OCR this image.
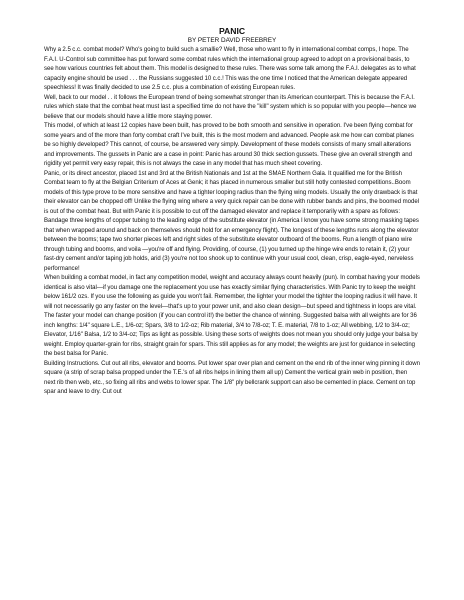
PANIC
BY PETER DAVID FREEBREY

Why a 2.5 c.c. combat model? Who's going to build such a smallie? Well, those who want to fly in international combat comps, I hope. The F.A.I. U-Control sub committee has put forward some combat rules which the international group agreed to adopt on a provisional basis, to see how various countries felt about them. This model is designed to these rules. There was some talk among the F.A.I. delegates as to what capacity engine should be used . . . the Russians suggested 10 c.c.! This was the one time I noticed that the American delegate appeared speechless! It was finally decided to use 2.5 c.c. plus a combination of existing European rules.

Well, back to our model . . it follows the European trend of being somewhat stronger than its American counterpart. This is because the F.A.I. rules which state that the combat heat must last a specified time do not have the "kill" system which is so popular with you people—hence we believe that our models should have a little more staying power.

This model, of which at least 12 copies have been built, has proved to be both smooth and sensitive in operation. I've been flying combat for some years and of the more than forty combat craft I've built, this is the most modern and advanced. People ask me how can combat planes be so highly developed? This cannot, of course, be answered very simply. Development of these models consists of many small alterations and improvements. The gussets in Panic are a case in point: Panic has around 30 thick section gussets. These give an overall strength and rigidity yet permit very easy repair, this is not always the case in any model that has much sheet covering.

Panic, or its direct ancestor, placed 1st and 3rd at the British Nationals and 1st at the SMAE Northern Gala. It qualified me for the British Combat team to fly at the Belgian Criterium of Aces at Genk; it has placed in numerous smaller but still hotly contested competitions..Boom models of this type prove to be more sensitive and have a tighter looping radius than the flying wing models. Usually the only drawback is that their elevator can be chopped off! Unlike the flying wing where a very quick repair can be done with rubber bands and pins, the boomed model is out of the combat heat. But with Panic it is possible to cut off the damaged elevator and replace it temporarily with a spare as follows: Bandage three lengths of copper tubing to the leading edge of the substitute elevator (in America I know you have some strong masking tapes that when wrapped around and back on themselves should hold for an emergency flight). The longest of these lengths runs along the elevator between the booms; tape two shorter pieces left and right sides of the substitute elevator outboard of the booms. Run a length of piano wire through tubing and booms, and voila —you're off and flying. Providing, of course, (1) you turned up the hinge wire ends to retain it, (2) your fast-dry cement and/or taping job holds, arid (3) you're not too shook up to continue with your usual cool, clean, crisp, eagle-eyed, nerveless performance!

When building a combat model, in fact any competition model, weight and accuracy always count heavily (pun). In combat having your models identical is also vital—if you damage one the replacement you use has exactly similar flying characteristics. With Panic try to keep the weight below 161/2 ozs. If you use the following as guide you won't fail. Remember, the lighter your model the tighter the looping radius it will have. It will not necessarily go any faster on the level—that's up to your power unit, and also clean design—but speed and tightness in loops are vital. The faster your model can change position (if you can control it!) the better the chance of winning. Suggested balsa with all weights are for 36 inch lengths: 1/4" square L.E., 1/6-oz; Spars, 3/8 to 1/2-oz; Rib material, 3/4 to 7/8-oz; T. E. material, 7/8 to 1-oz; All webbing, 1/2 to 3/4-oz; Elevator, 1/16" Balsa, 1/2 to 3/4-oz; Tips as light as possible. Using these sorts of weights does not mean you should only judge your balsa by weight. Employ quarter-grain for ribs, straight grain for spars. This still applies as for any model; the weights are just for guidance in selecting the best balsa for Panic.

Building Instructions. Cut out all ribs, elevator and booms. Put lower spar over plan and cement on the end rib of the inner wing pinning it down square (a strip of scrap balsa propped under the T.E.'s of all ribs helps in lining them all up) Cement the vertical grain web in position, then next rib then web, etc., so fixing all ribs and webs to lower spar. The 1/8" ply bellcrank support can also be cemented in place. Cement on top spar and leave to dry. Cut out
